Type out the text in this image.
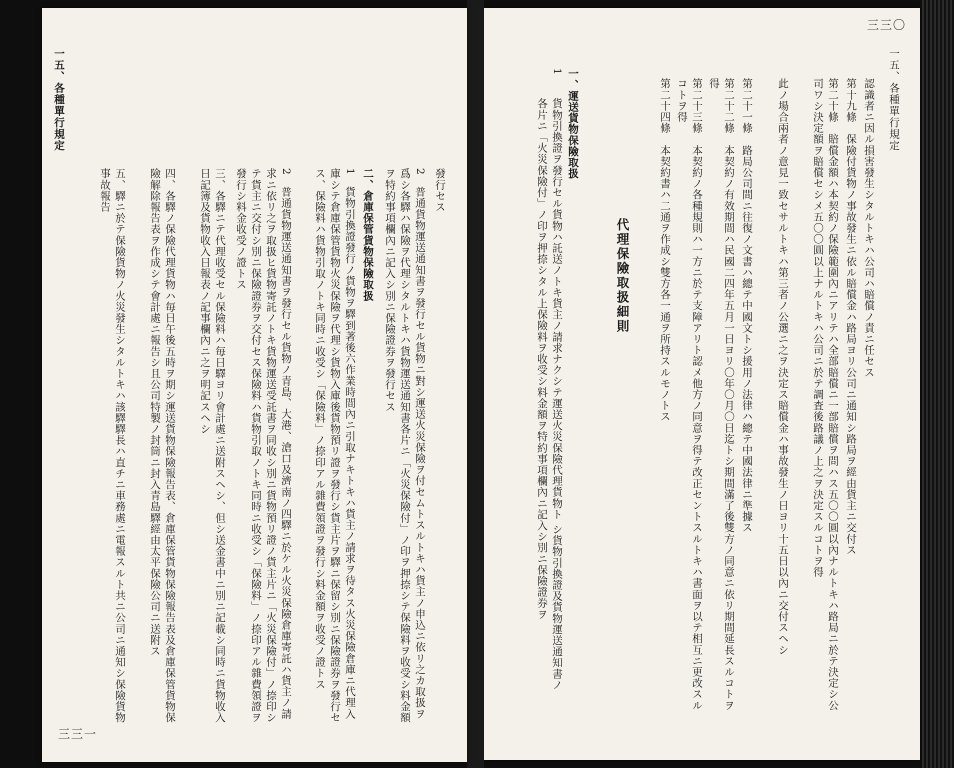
一五、各種單行規定
三三〇
認識者ニ因ル損害發生シタルトキハ公司ハ賠償ノ責ニ任セス
第十九條　保險付貨物ノ事故發生ニ依ル賠償金ハ路局ヨリ公司ニ通知シ路局ヲ經由貨主ニ交付ス
第二十條　賠償金額ハ本契約ノ保險範圍內ニアリテハ全部賠償ニ一部賠償ヲ問ハス五〇〇圓以內ナルトキハ路局ニ於テ決定シ公司ワシ決定額ヲ賠償セシメ五〇〇圓以上ナルトキハ公司ニ於テ調査後路議ノ上之ヲ決定スルコトヲ得
此ノ場合兩者ノ意見一致セサルトキハ第三者ノ公選ニ之ヲ決定ス賠償金ハ事故發生ノ日ヨリ十五日以內ニ交付スヘシ
第二十一條　路局公司間ニ往復ノ文書ハ總テ中國文トシ援用ノ法律ハ總テ中國法律ニ準據ス
第二十二條　本契約ノ有效期間ハ民國二四年五月一日ヨリ〇年〇月〇日迄トシ期間滿了後雙方ノ同意ニ依リ期間延長スルコトヲ得
第二十三條　本契約ノ各種規則ハ一方ニ於テ支障アリト認メ他方ノ同意ヲ得テ改正セントスルトキハ書面ヲ以テ相互ニ更改スルコトヲ得
第二十四條　本契約書ハ二通ヲ作成シ雙方各一通ヲ所持スルモノトス
代理保險取扱細則
一、運送貨物保險取扱
1
貨物引換證ヲ發行セル貨物ハ託送ノトキ貨主ノ請求ナクシテ運送火災保險代理貨物ト シ貨物引換證及貨物運送通知書ノ各片ニ「火災保險付」ノ印ヲ押捺シタル上保險料ヲ收受シ料金額ヲ特約事項欄內ニ記入シ別ニ保險證券ヲ
一五、各種單行規定
三三一
發行セス
2　普通貨物運送通知書ヲ發行セル貨物ニ對シ運送火災保險ヲ付セムトスルトキハ貨主ノ申込ニ依リ之カ取扱ヲ爲シ各驛ハ保險ヲ代理シタルトキハ貨物運送通知書各片ニ「火災保險付」ノ印ヲ押捺シテ保險料ヲ收受シ料金額ヲ特約事項欄內ニ記入シ別ニ保險證券ヲ發行セス
二、倉庫保管貨物保險取扱
1　貨物引換證發行ノ貨物ヲ驛到著後六作業時間內ニ引取ナキトキハ貨主ノ請求ヲ待タス火災保險倉庫ニ代理入庫シテ倉庫保管貨物火災保險ヲ代理シ貨物入庫後貨物預リ證ヲ發行シ貨主片ヲ驛ニ保留シ別ニ保險證券ヲ發行セス、保險料ハ貨物引取ノトキ同時ニ收受シ「保險料」ノ捺印アル雜費領證ヲ發行シ料金額ヲ收受ノ證トス
2　普通貨物運送通知書ヲ發行セル貨物ノ青島、大港、滄口及濟南ノ四驛ニ於ケル火災保險倉庫寄託ハ貨主ノ請求ニ依リ之ヲ取扱ヒ貨物寄託ノトキ貨物運送受託書ヲ同收シ別ニ貨物預リ證ノ貨主片ニ「火災保險付」ノ捺印シテ貨主ニ交付シ別ニ保險證券ヲ交付セス保險料ハ貨物引取ノトキ同時ニ收受シ「保險料」ノ捺印アル雜費領證ヲ發行シ料金收受ノ證トス
三、各驛ニテ代理收受セル保險料ハ毎日驛ヨリ會計處ニ送附スヘシ、但シ送金書中ニ別ニ記載シ同時ニ貨物收入日記簿及貨物收入日報表ノ記事欄內ニ之ヲ明記スヘシ
四、各驛ノ保險代理貨物ハ毎日午後五時ヲ期シ運送貨物保險報告表、倉庫保管貨物保險報告表及倉庫保管貨物保險解除報告表ヲ作成シテ會計處ニ報告シ且公司特製ノ封筒ニ封入青島驛經由太平保險公司ニ送附ス
五、驛ニ於テ保險貨物ノ火災發生シタルトキハ該驛驛長ハ直チニ車務處ニ電報スルト共ニ公司ニ通知シ保險貨物事故報告
